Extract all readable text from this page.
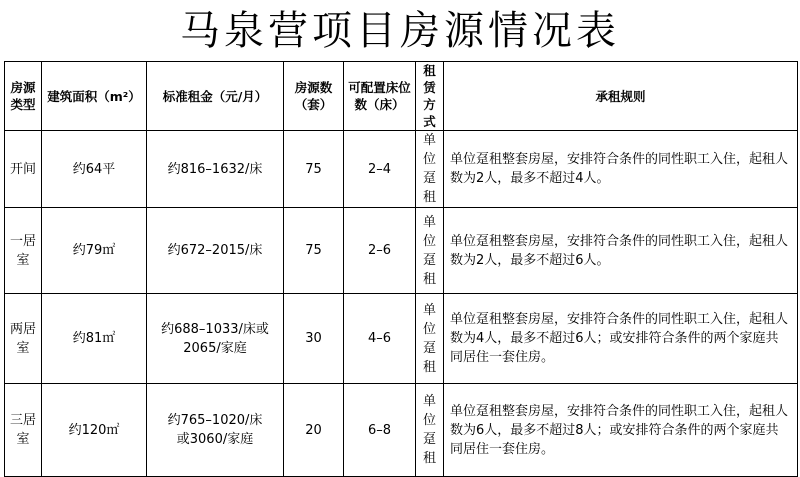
马泉营项目房源情况表
房源类型	建筑面积（m²）	标准租金（元/月）	房源数（套）	可配置床位数（床）	租赁方式	承租规则
开间	约64平	约816–1632/床	75	2–4	单位趸租	单位趸租整套房屋，安排符合条件的同性职工入住，起租人数为2人，最多不超过4人。
一居室	约79㎡	约672–2015/床	75	2–6	单位趸租	单位趸租整套房屋，安排符合条件的同性职工入住，起租人数为2人，最多不超过6人。
两居室	约81㎡	约688–1033/床或2065/家庭	30	4–6	单位趸租	单位趸租整套房屋，安排符合条件的同性职工入住，起租人数为4人，最多不超过6人；或安排符合条件的两个家庭共同居住一套住房。
三居室	约120㎡	约765–1020/床　　或3060/家庭	20	6–8	单位趸租	单位趸租整套房屋，安排符合条件的同性职工入住，起租人数为6人，最多不超过8人；或安排符合条件的两个家庭共同居住一套住房。
